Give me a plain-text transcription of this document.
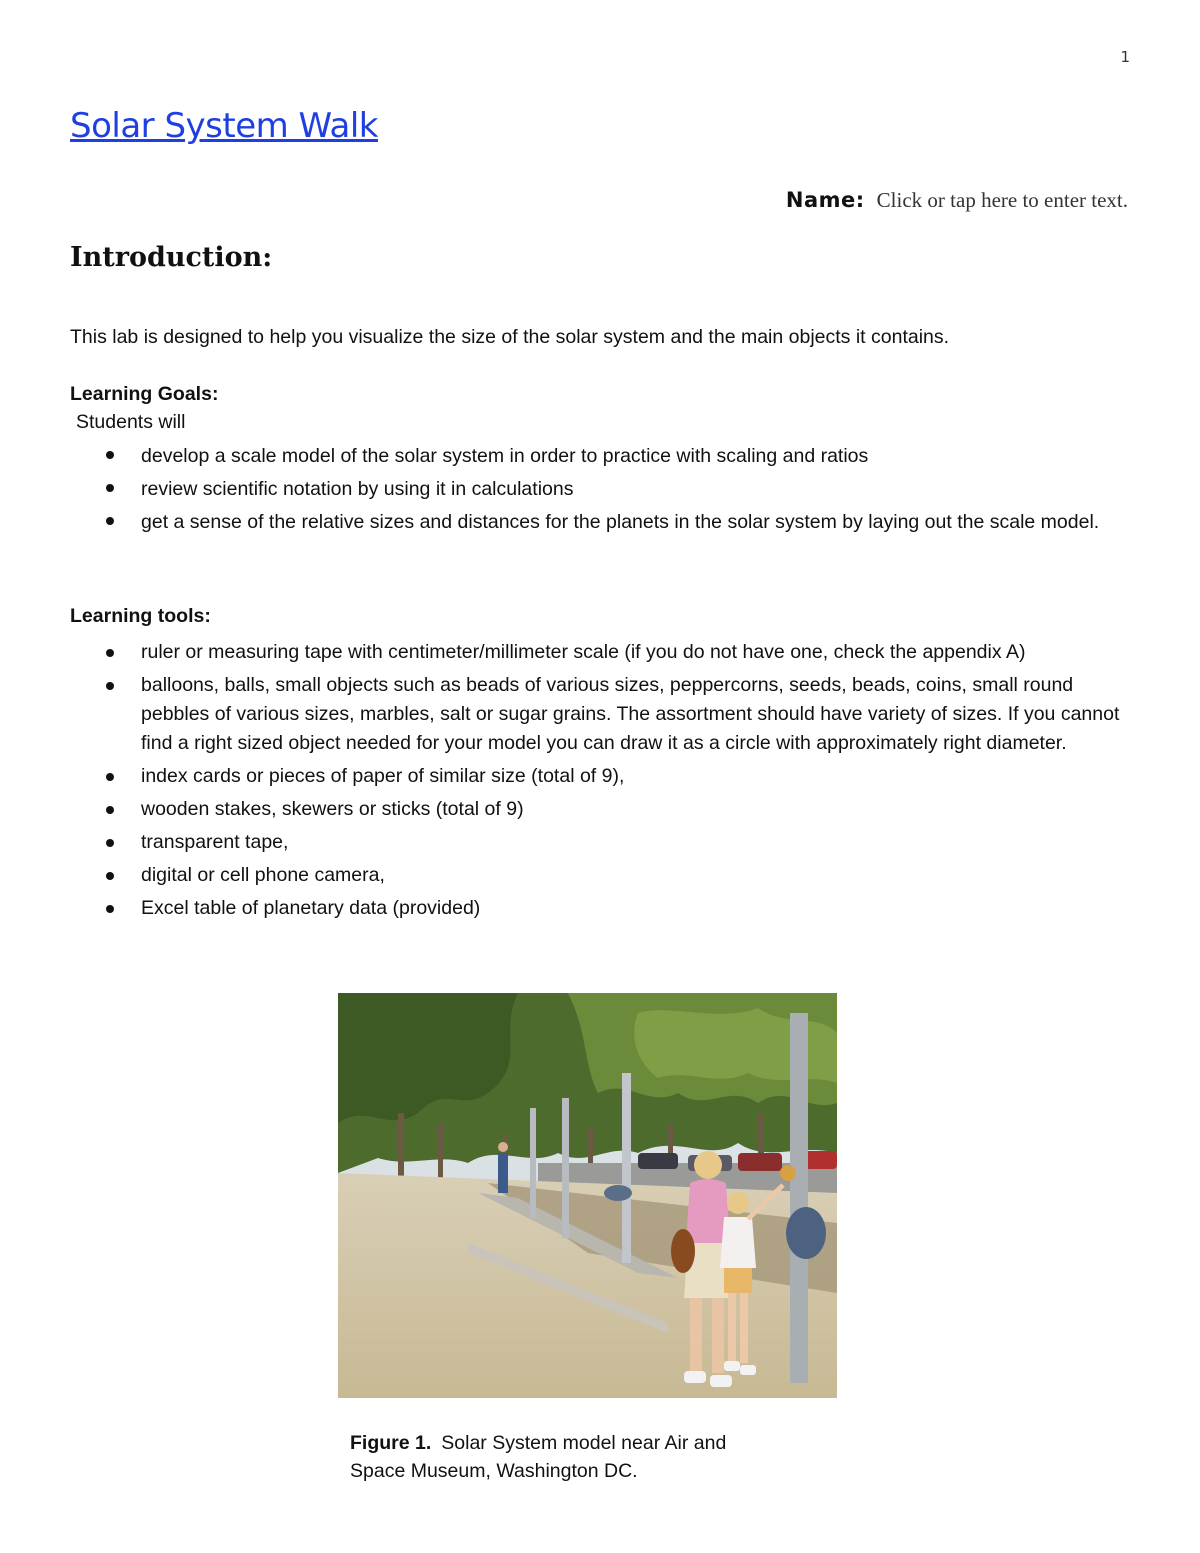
1
Solar System Walk
Name: Click or tap here to enter text.
Introduction:
This lab is designed to help you visualize the size of the solar system and the main objects it contains.
Learning Goals:
Students will
develop a scale model of the solar system in order to practice with scaling and ratios
review scientific notation by using it in calculations
get a sense of the relative sizes and distances for the planets in the solar system by laying out the scale model.
Learning tools:
ruler or measuring tape with centimeter/millimeter scale (if you do not have one, check the appendix A)
balloons, balls, small objects such as beads of various sizes, peppercorns, seeds, beads, coins, small round pebbles of various sizes, marbles, salt or sugar grains. The assortment should have variety of sizes. If you cannot find a right sized object needed for your model you can draw it as a circle with approximately right diameter.
index cards or pieces of paper of similar size (total of 9),
wooden stakes, skewers or sticks (total of 9)
transparent tape,
digital or cell phone camera,
Excel table of planetary data (provided)
Figure 1. Solar System model near Air and Space Museum, Washington DC.
